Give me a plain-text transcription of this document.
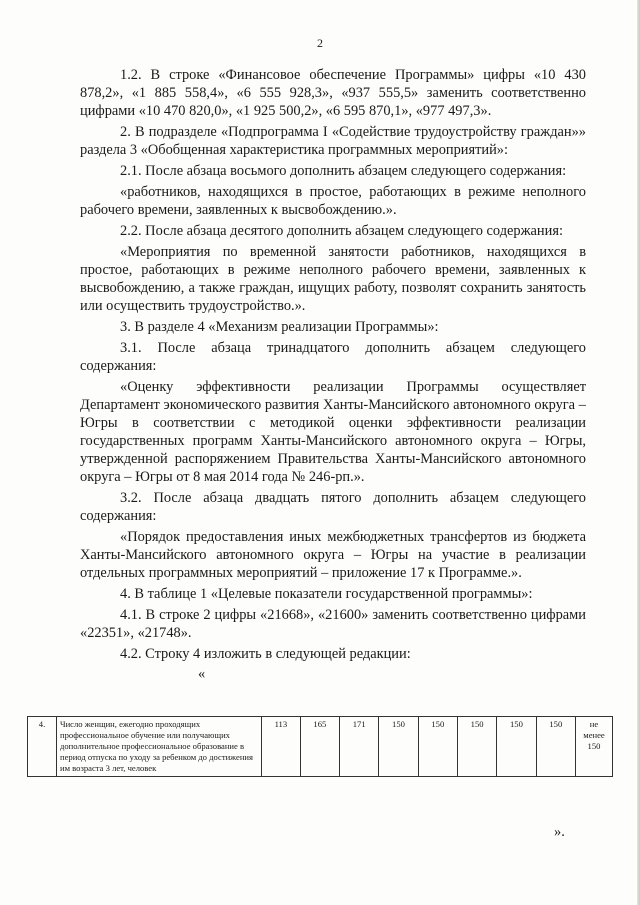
2

1.2. В строке «Финансовое обеспечение Программы» цифры «10 430 878,2», «1 885 558,4», «6 555 928,3», «937 555,5» заменить соответственно цифрами «10 470 820,0», «1 925 500,2», «6 595 870,1», «977 497,3».

2. В подразделе «Подпрограмма I «Содействие трудоустройству граждан»» раздела 3 «Обобщенная характеристика программных мероприятий»:

2.1. После абзаца восьмого дополнить абзацем следующего содержания:

«работников, находящихся в простое, работающих в режиме неполного рабочего времени, заявленных к высвобождению.».

2.2. После абзаца десятого дополнить абзацем следующего содержания:

«Мероприятия по временной занятости работников, находящихся в простое, работающих в режиме неполного рабочего времени, заявленных к высвобождению, а также граждан, ищущих работу, позволят сохранить занятость или осуществить трудоустройство.».

3. В разделе 4 «Механизм реализации Программы»:

3.1. После абзаца тринадцатого дополнить абзацем следующего содержания:

«Оценку эффективности реализации Программы осуществляет Департамент экономического развития Ханты-Мансийского автономного округа – Югры в соответствии с методикой оценки эффективности реализации государственных программ Ханты-Мансийского автономного округа – Югры, утвержденной распоряжением Правительства Ханты-Мансийского автономного округа – Югры от 8 мая 2014 года № 246-рп.».

3.2. После абзаца двадцать пятого дополнить абзацем следующего содержания:

«Порядок предоставления иных межбюджетных трансфертов из бюджета Ханты-Мансийского автономного округа – Югры на участие в реализации отдельных программных мероприятий – приложение 17 к Программе.».

4. В таблице 1 «Целевые показатели государственной программы»:

4.1. В строке 2 цифры «21668», «21600» заменить соответственно цифрами «22351», «21748».

4.2. Строку 4 изложить в следующей редакции:

«

4.	Число женщин, ежегодно проходящих профессиональное обучение или получающих дополнительное профессиональное образование в период отпуска по уходу за ребенком до достижения им возраста 3 лет, человек	113	165	171	150	150	150	150	150	не менее 150
».
